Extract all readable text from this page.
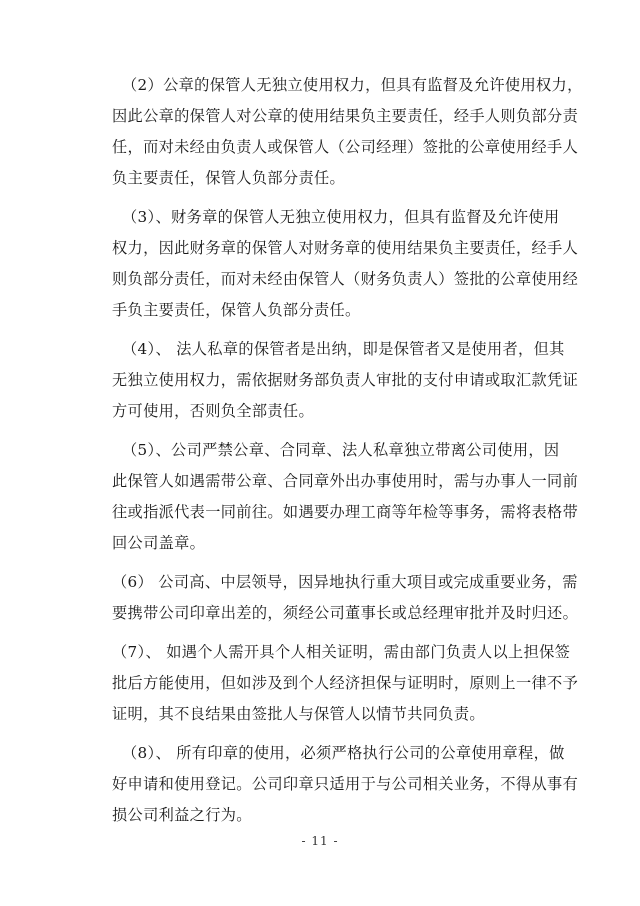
（2）公章的保管人无独立使用权力，但具有监督及允许使用权力，
因此公章的保管人对公章的使用结果负主要责任，经手人则负部分责
任，而对未经由负责人或保管人（公司经理）签批的公章使用经手人
负主要责任，保管人负部分责任。

（3）、财务章的保管人无独立使用权力，但具有监督及允许使用
权力，因此财务章的保管人对财务章的使用结果负主要责任，经手人
则负部分责任，而对未经由保管人（财务负责人）签批的公章使用经
手负主要责任，保管人负部分责任。

（4）、 法人私章的保管者是出纳，即是保管者又是使用者，但其
无独立使用权力，需依据财务部负责人审批的支付申请或取汇款凭证
方可使用，否则负全部责任。

（5）、公司严禁公章、合同章、法人私章独立带离公司使用，因
此保管人如遇需带公章、合同章外出办事使用时，需与办事人一同前
往或指派代表一同前往。如遇要办理工商等年检等事务，需将表格带
回公司盖章。

（6） 公司高、中层领导，因异地执行重大项目或完成重要业务，需
要携带公司印章出差的，须经公司董事长或总经理审批并及时归还。

（7）、 如遇个人需开具个人相关证明，需由部门负责人以上担保签
批后方能使用，但如涉及到个人经济担保与证明时，原则上一律不予
证明，其不良结果由签批人与保管人以情节共同负责。

（8）、 所有印章的使用，必须严格执行公司的公章使用章程，做
好申请和使用登记。公司印章只适用于与公司相关业务，不得从事有
损公司利益之行为。

- 11 -
